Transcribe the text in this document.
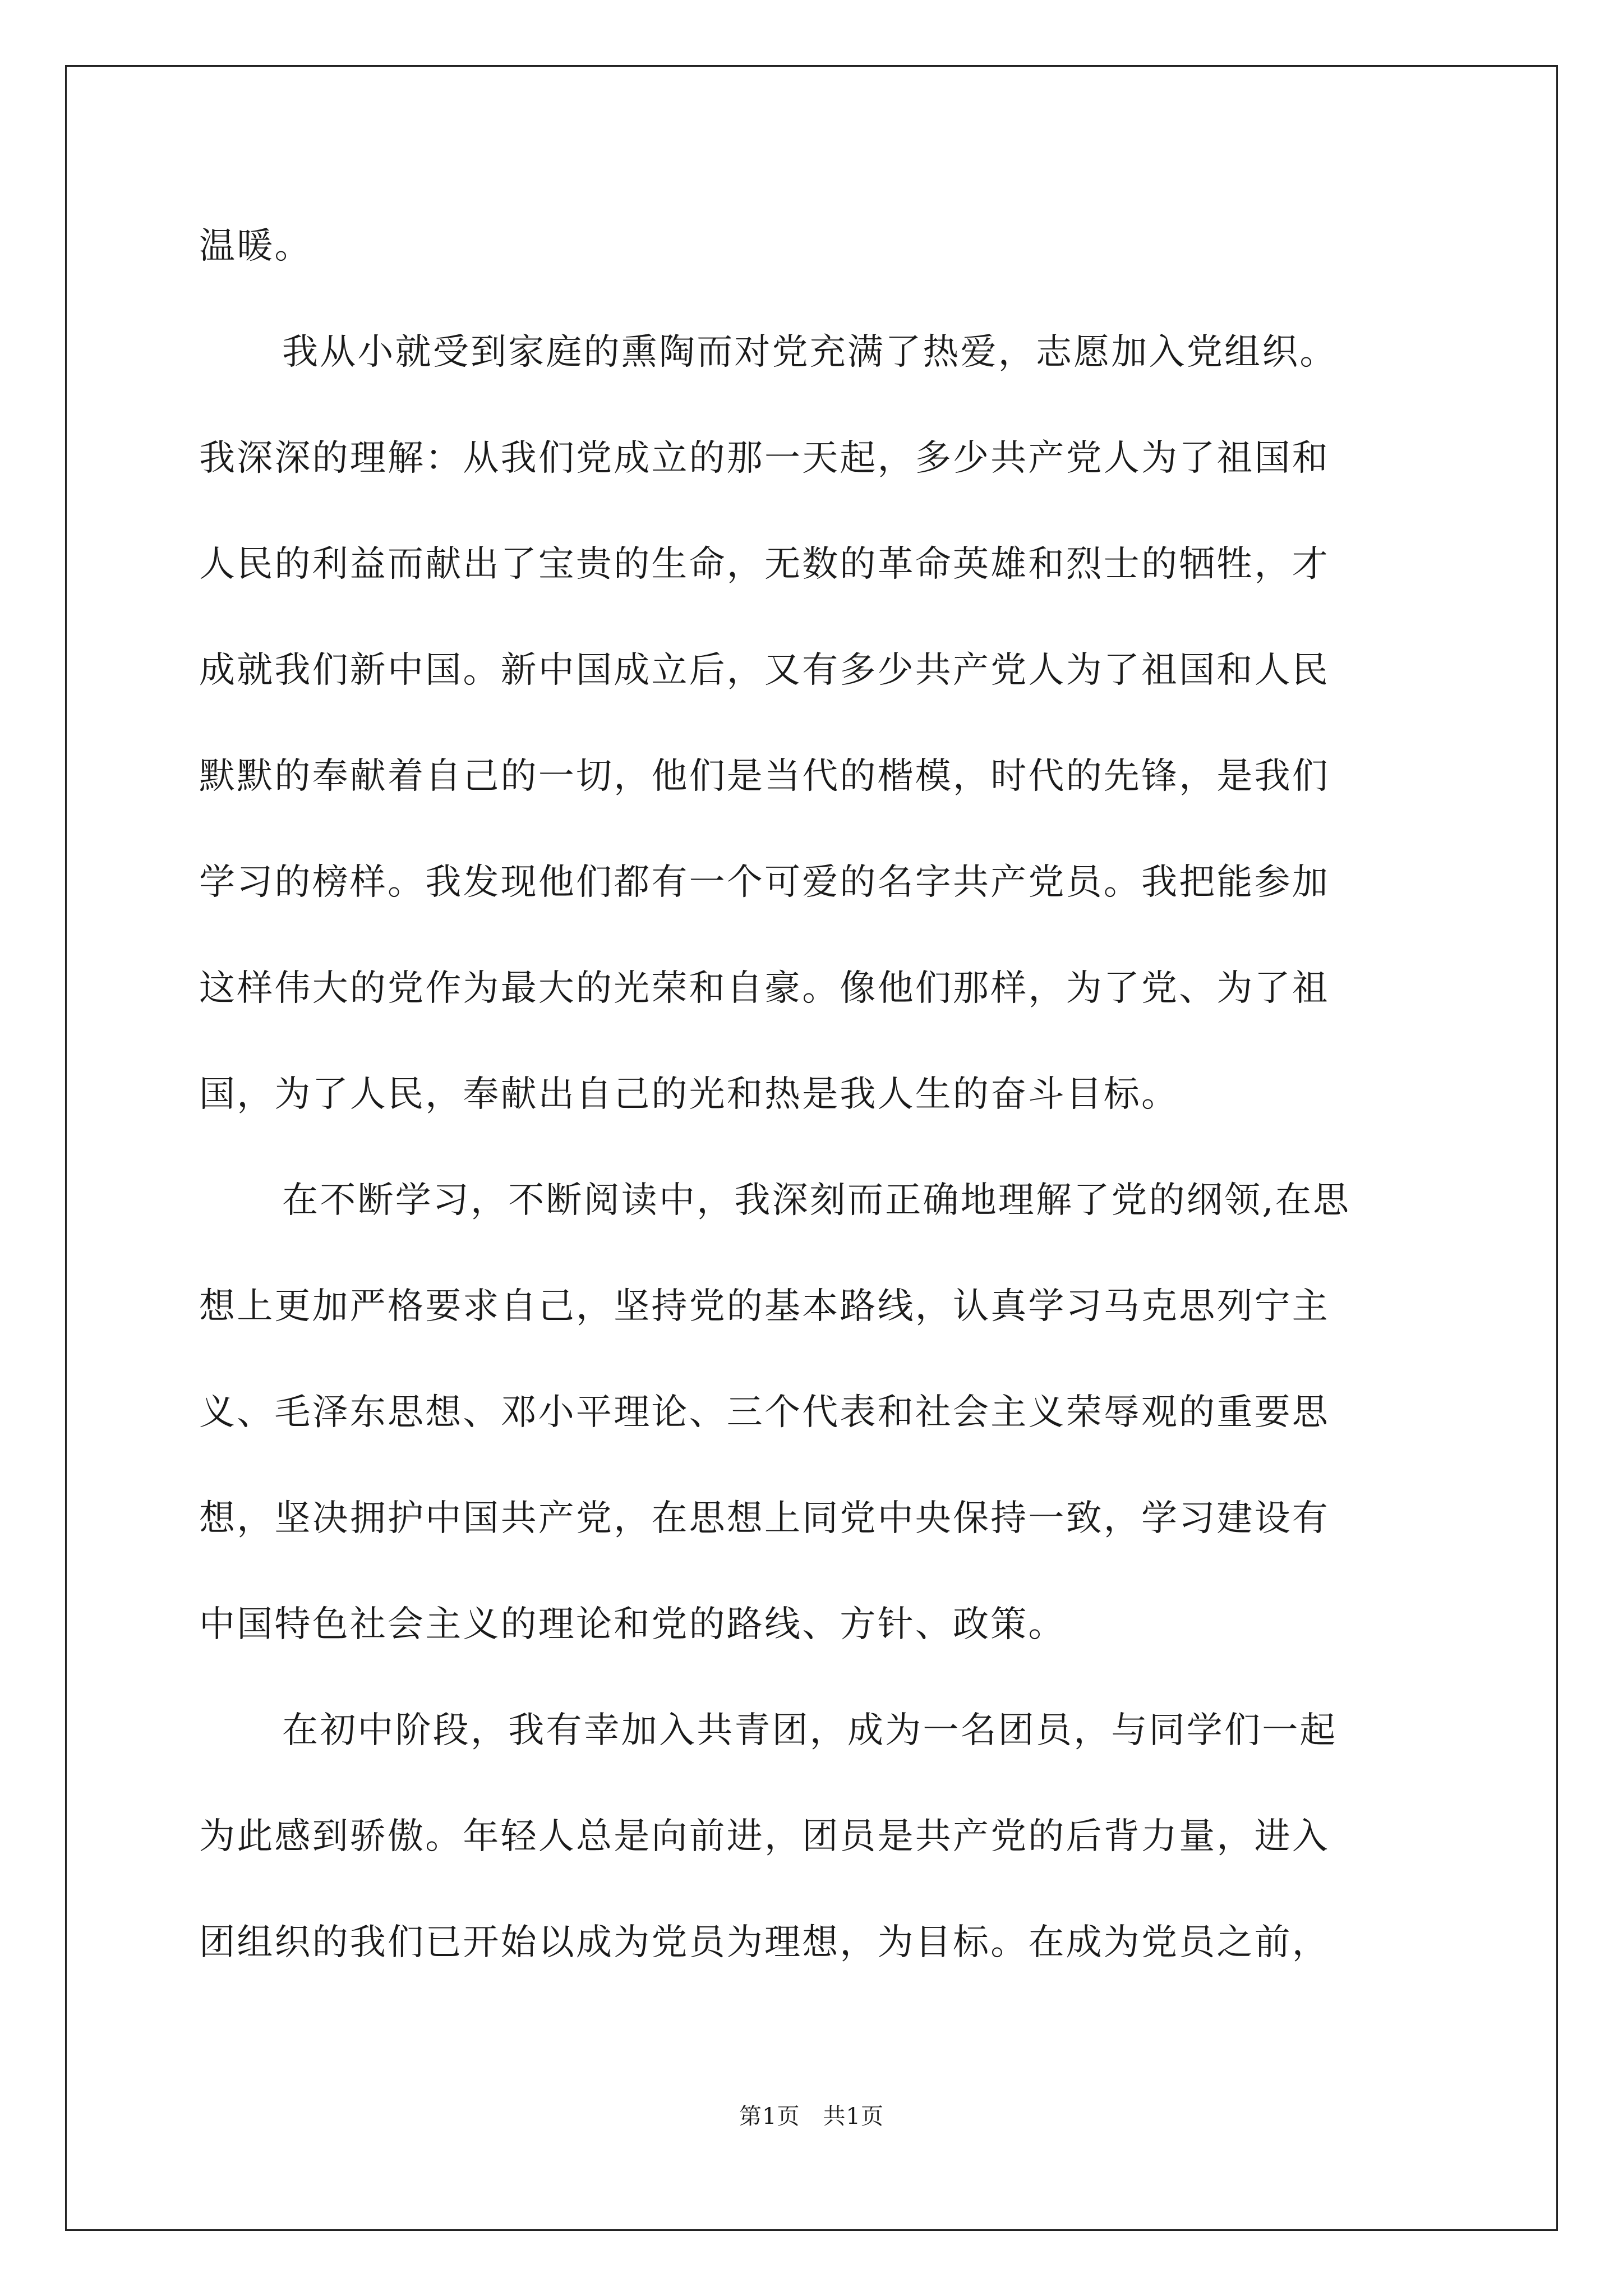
温暖。
我从小就受到家庭的熏陶而对党充满了热爱，志愿加入党组织。
我深深的理解：从我们党成立的那一天起，多少共产党人为了祖国和
人民的利益而献出了宝贵的生命，无数的革命英雄和烈士的牺牲，才
成就我们新中国。新中国成立后，又有多少共产党人为了祖国和人民
默默的奉献着自己的一切，他们是当代的楷模，时代的先锋，是我们
学习的榜样。我发现他们都有一个可爱的名字共产党员。我把能参加
这样伟大的党作为最大的光荣和自豪。像他们那样，为了党、为了祖
国，为了人民，奉献出自己的光和热是我人生的奋斗目标。
在不断学习，不断阅读中，我深刻而正确地理解了党的纲领,在思
想上更加严格要求自己，坚持党的基本路线，认真学习马克思列宁主
义、毛泽东思想、邓小平理论、三个代表和社会主义荣辱观的重要思
想，坚决拥护中国共产党，在思想上同党中央保持一致，学习建设有
中国特色社会主义的理论和党的路线、方针、政策。
在初中阶段，我有幸加入共青团，成为一名团员，与同学们一起
为此感到骄傲。年轻人总是向前进，团员是共产党的后背力量，进入
团组织的我们已开始以成为党员为理想，为目标。在成为党员之前，
第1页　共1页
